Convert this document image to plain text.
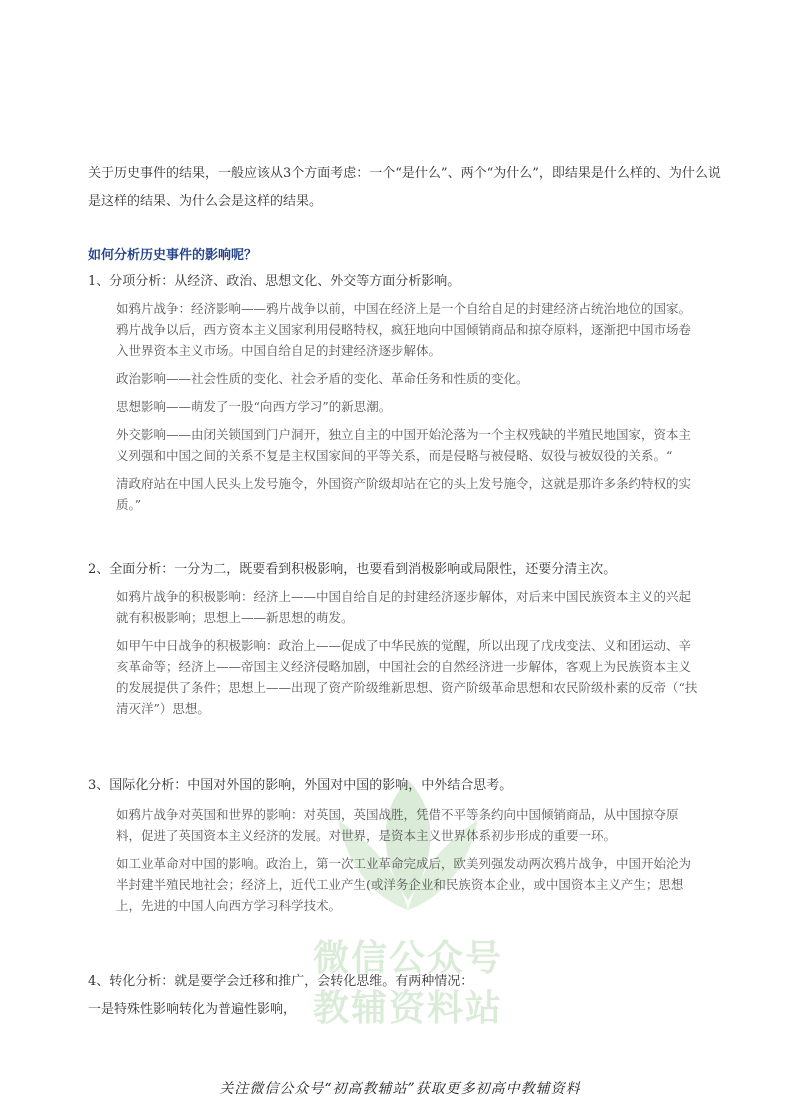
关于历史事件的结果，一般应该从3个方面考虑：一个“是什么”、两个“为什么”，即结果是什么样的、为什么说是这样的结果、为什么会是这样的结果。
如何分析历史事件的影响呢？
微信公众号
教辅资料站
1、分项分析：从经济、政治、思想文化、外交等方面分析影响。

如鸦片战争：经济影响——鸦片战争以前，中国在经济上是一个自给自足的封建经济占统治地位的国家。鸦片战争以后，西方资本主义国家利用侵略特权，疯狂地向中国倾销商品和掠夺原料，逐渐把中国市场卷入世界资本主义市场。中国自给自足的封建经济逐步解体。

政治影响——社会性质的变化、社会矛盾的变化、革命任务和性质的变化。

思想影响——萌发了一股“向西方学习”的新思潮。

外交影响——由闭关锁国到门户洞开，独立自主的中国开始沦落为一个主权残缺的半殖民地国家，资本主义列强和中国之间的关系不复是主权国家间的平等关系，而是侵略与被侵略、奴役与被奴役的关系。“

清政府站在中国人民头上发号施令，外国资产阶级却站在它的头上发号施令，这就是那许多条约特权的实质。”

2、全面分析：一分为二，既要看到积极影响，也要看到消极影响或局限性，还要分清主次。

如鸦片战争的积极影响：经济上——中国自给自足的封建经济逐步解体，对后来中国民族资本主义的兴起就有积极影响；思想上——新思想的萌发。

如甲午中日战争的积极影响：政治上——促成了中华民族的觉醒，所以出现了戊戌变法、义和团运动、辛亥革命等；经济上——帝国主义经济侵略加剧，中国社会的自然经济进一步解体，客观上为民族资本主义的发展提供了条件；思想上——出现了资产阶级维新思想、资产阶级革命思想和农民阶级朴素的反帝（“扶清灭洋”）思想。

3、国际化分析：中国对外国的影响，外国对中国的影响，中外结合思考。

如鸦片战争对英国和世界的影响：对英国，英国战胜，凭借不平等条约向中国倾销商品，从中国掠夺原料，促进了英国资本主义经济的发展。对世界，是资本主义世界体系初步形成的重要一环。

如工业革命对中国的影响。政治上，第一次工业革命完成后，欧美列强发动两次鸦片战争，中国开始沦为半封建半殖民地社会；经济上，近代工业产生(或洋务企业和民族资本企业，或中国资本主义产生；思想上，先进的中国人向西方学习科学技术。

4、转化分析：就是要学会迁移和推广，会转化思维。有两种情况：
一是特殊性影响转化为普遍性影响，
关注微信公众号“初高教辅站”获取更多初高中教辅资料
